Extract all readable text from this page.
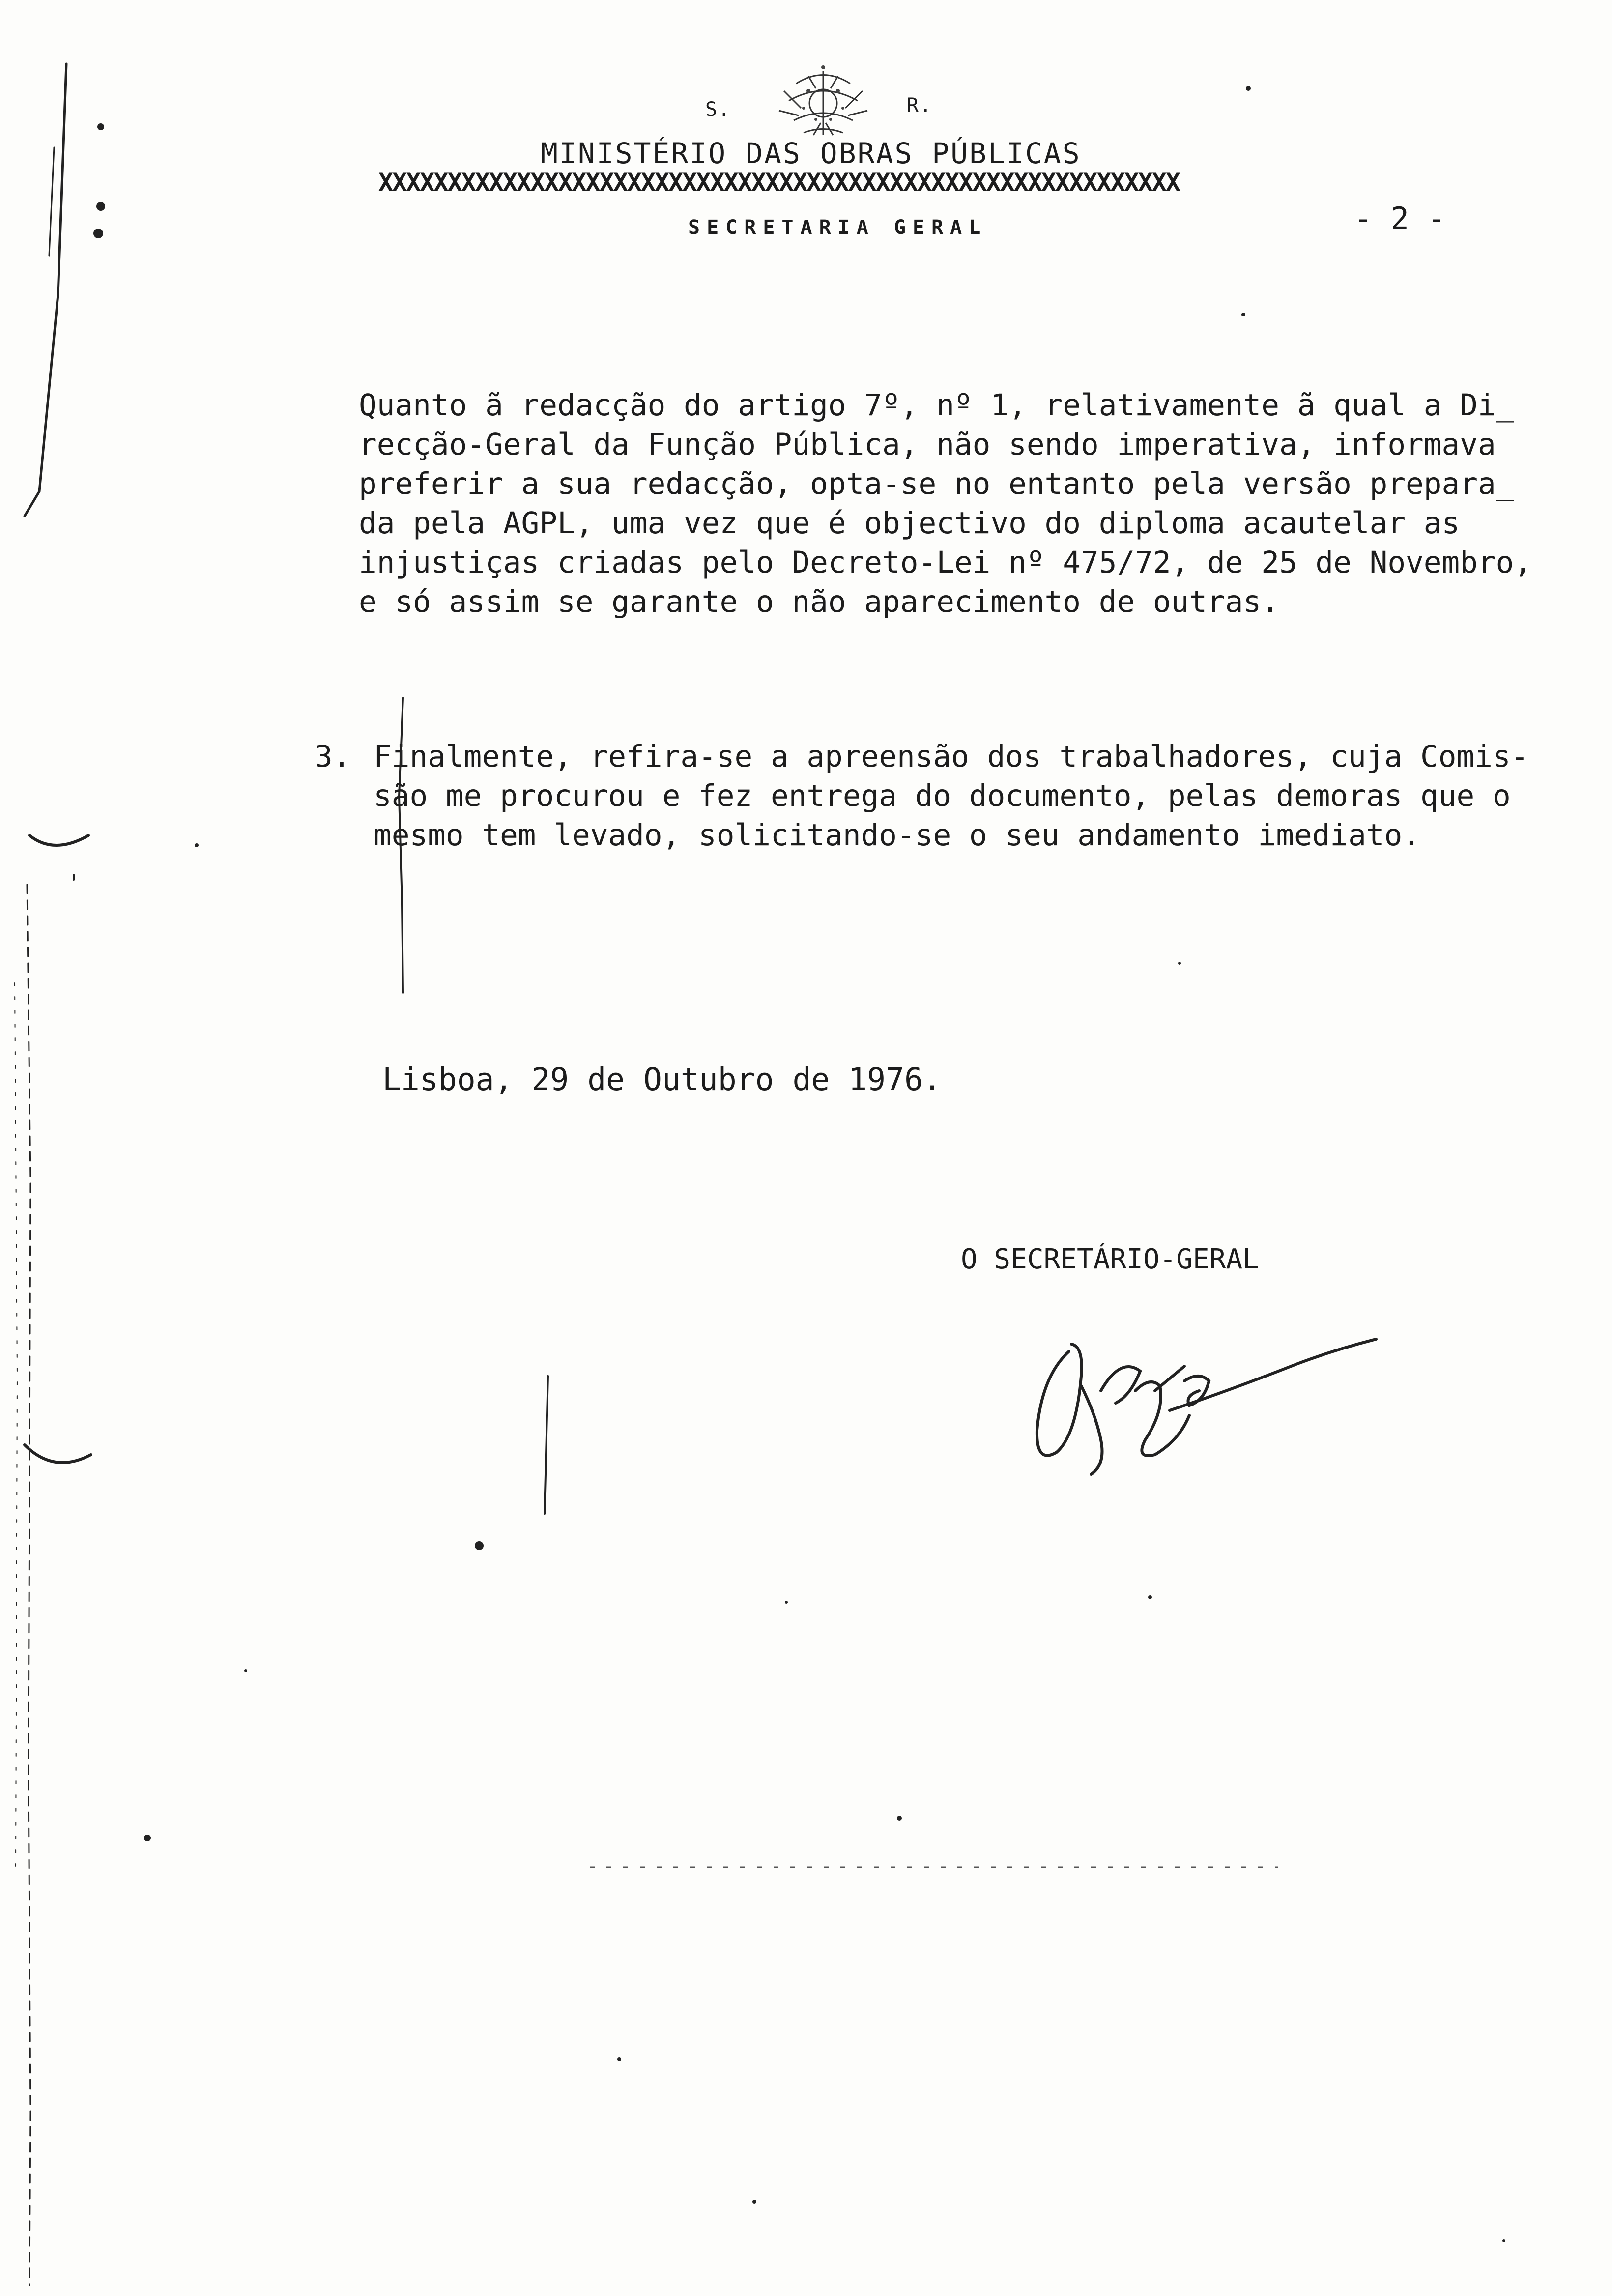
S.	R.
MINISTÉRIO DAS OBRAS PÚBLICAS
XXXXXXXXXXXXXXXXXXXXXXXXXXXXXXXXXXXXXXXXXXXXXXXXXXXXXXXXXX
SECRETARIA GERAL	- 2 -
Quanto ã redacção do artigo 7º, nº 1, relativamente ã qual a Di_
recção-Geral da Função Pública, não sendo imperativa, informava
preferir a sua redacção, opta-se no entanto pela versão prepara_
da pela AGPL, uma vez que é objectivo do diploma acautelar as
injustiças criadas pelo Decreto-Lei nº 475/72, de 25 de Novembro,
e só assim se garante o não aparecimento de outras.
3. Finalmente, refira-se a apreensão dos trabalhadores, cuja Comis-
são me procurou e fez entrega do documento, pelas demoras que o
mesmo tem levado, solicitando-se o seu andamento imediato.
Lisboa, 29 de Outubro de 1976.
O SECRETÁRIO-GERAL
